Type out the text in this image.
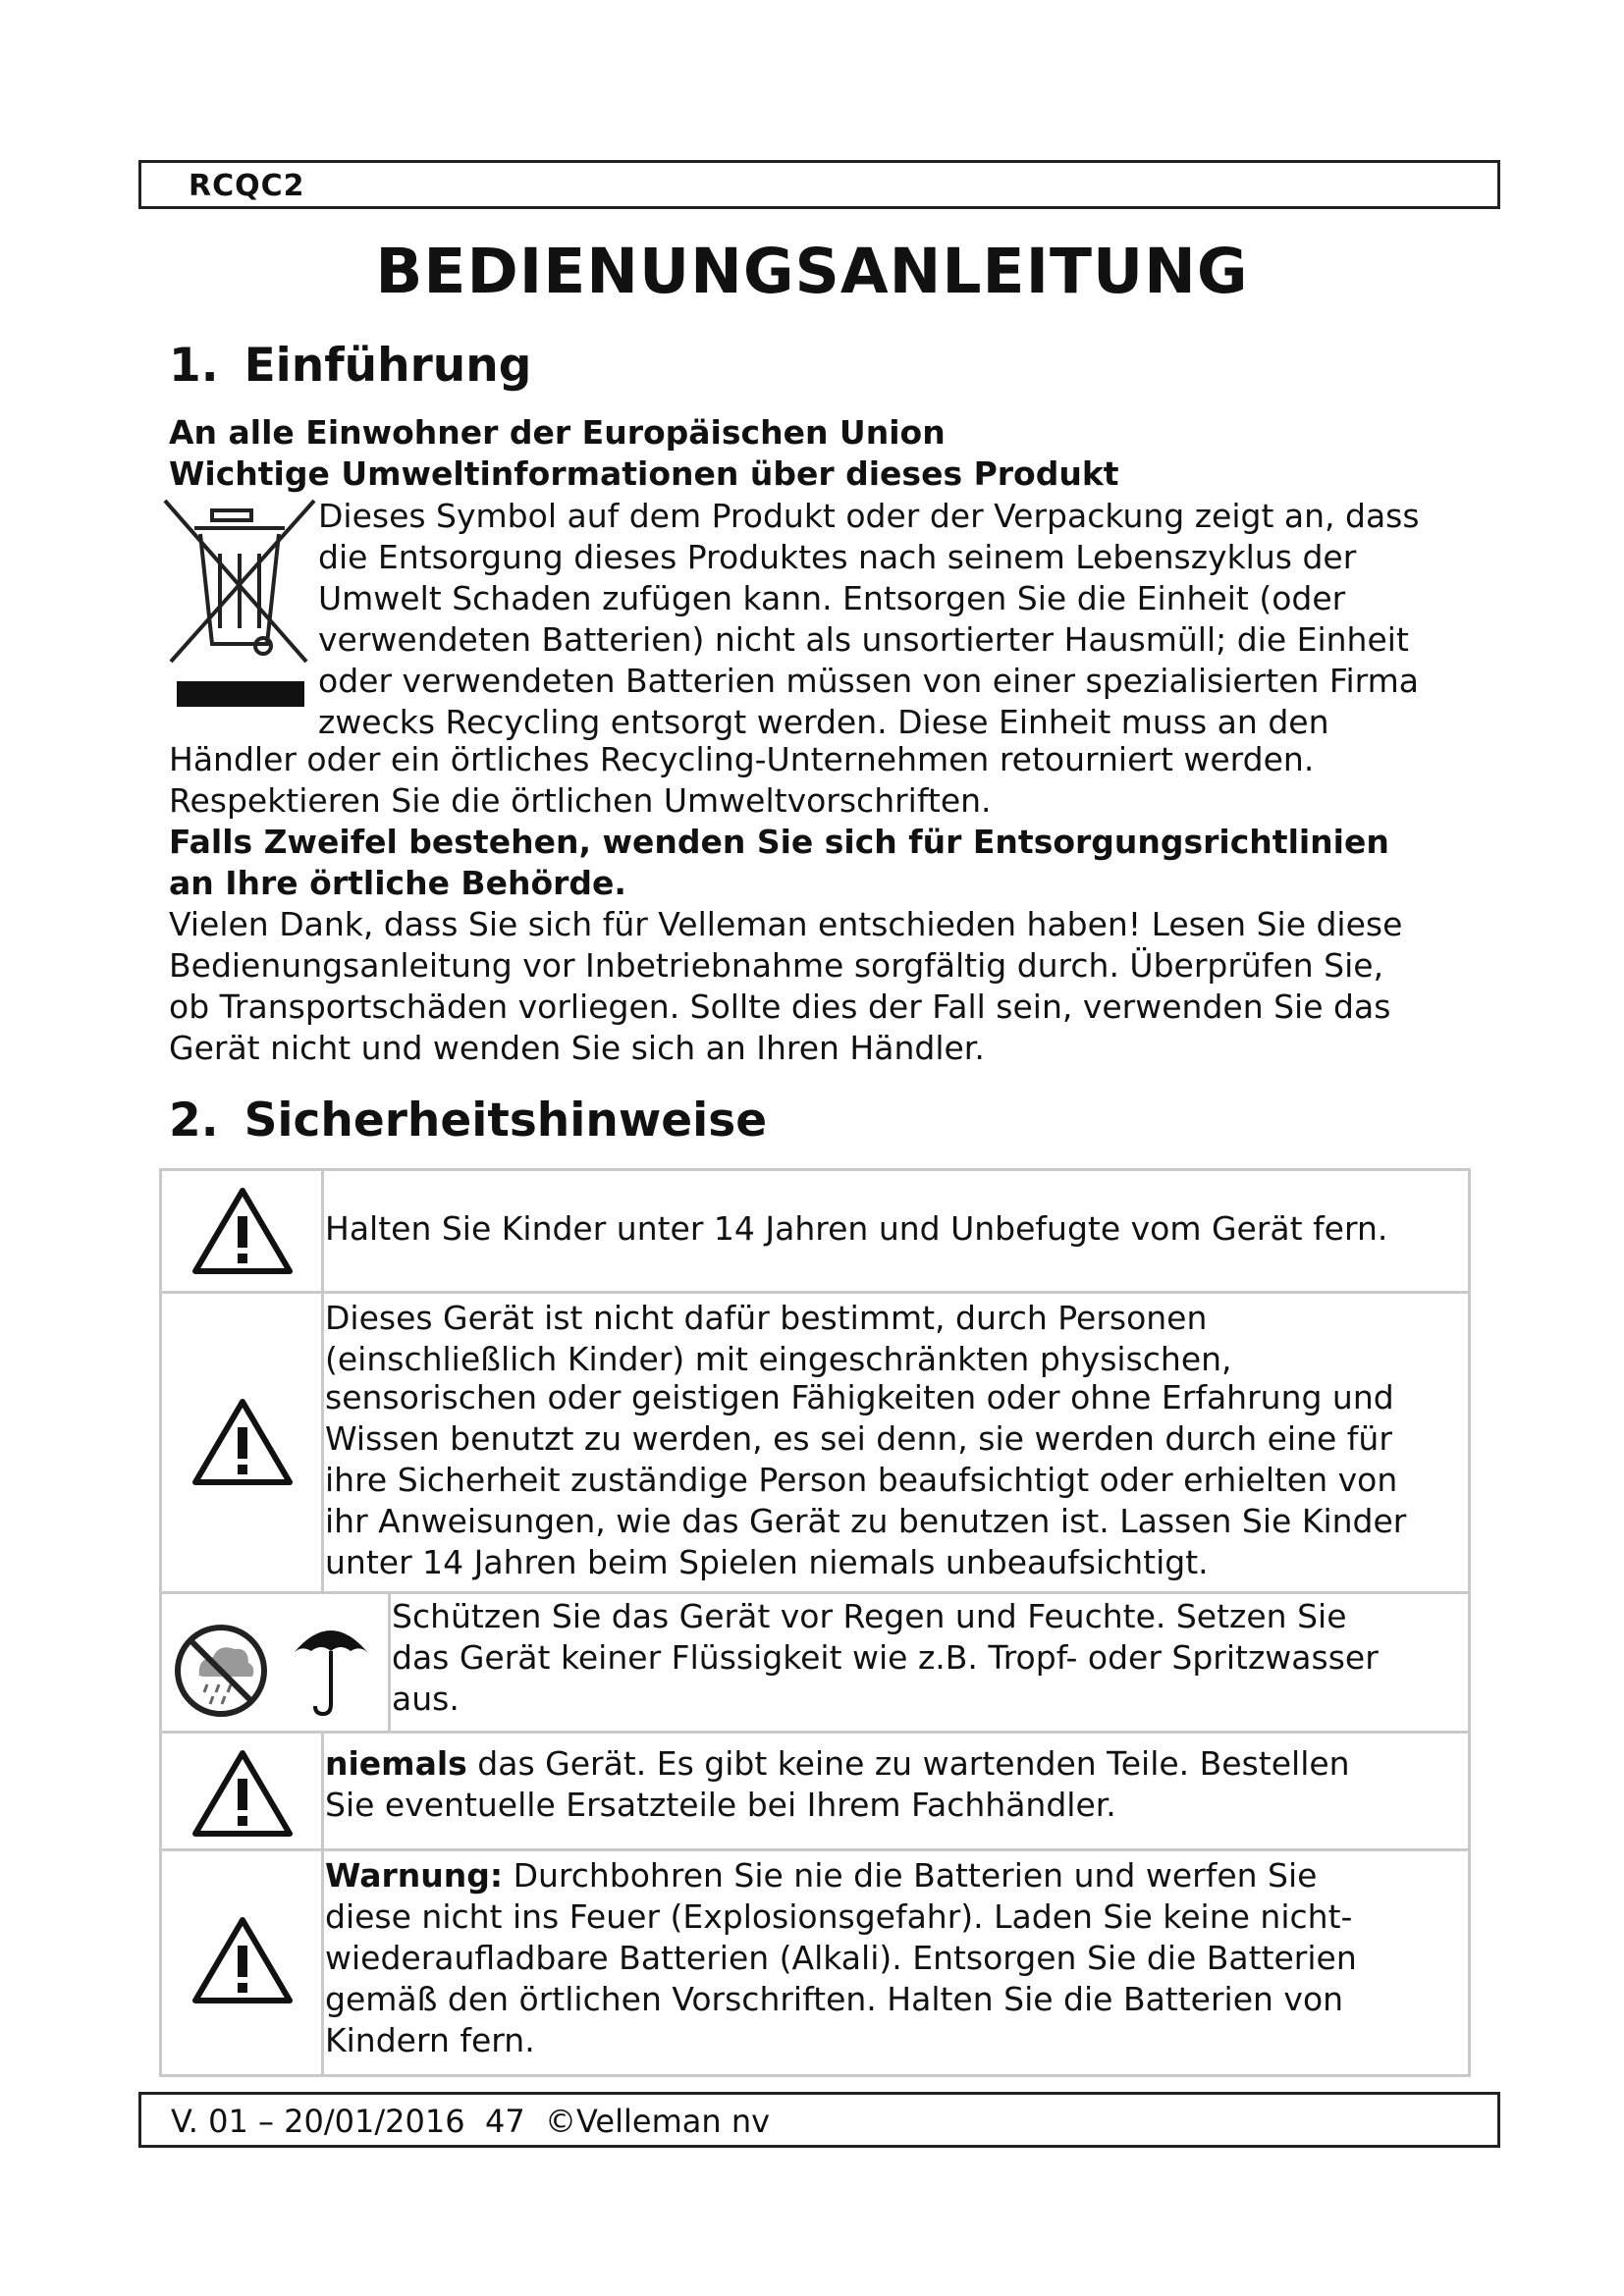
RCQC2
BEDIENUNGSANLEITUNG
1. Einführung
An alle Einwohner der Europäischen Union
Wichtige Umweltinformationen über dieses Produkt
Dieses Symbol auf dem Produkt oder der Verpackung zeigt an, dass
die Entsorgung dieses Produktes nach seinem Lebenszyklus der
Umwelt Schaden zufügen kann. Entsorgen Sie die Einheit (oder
verwendeten Batterien) nicht als unsortierter Hausmüll; die Einheit
oder verwendeten Batterien müssen von einer spezialisierten Firma
zwecks Recycling entsorgt werden. Diese Einheit muss an den
Händler oder ein örtliches Recycling-Unternehmen retourniert werden.
Respektieren Sie die örtlichen Umweltvorschriften.
Falls Zweifel bestehen, wenden Sie sich für Entsorgungsrichtlinien
an Ihre örtliche Behörde.
Vielen Dank, dass Sie sich für Velleman entschieden haben! Lesen Sie diese
Bedienungsanleitung vor Inbetriebnahme sorgfältig durch. Überprüfen Sie,
ob Transportschäden vorliegen. Sollte dies der Fall sein, verwenden Sie das
Gerät nicht und wenden Sie sich an Ihren Händler.
2. Sicherheitshinweise
Halten Sie Kinder unter 14 Jahren und Unbefugte vom Gerät fern.
Dieses Gerät ist nicht dafür bestimmt, durch Personen
(einschließlich Kinder) mit eingeschränkten physischen,
sensorischen oder geistigen Fähigkeiten oder ohne Erfahrung und
Wissen benutzt zu werden, es sei denn, sie werden durch eine für
ihre Sicherheit zuständige Person beaufsichtigt oder erhielten von
ihr Anweisungen, wie das Gerät zu benutzen ist. Lassen Sie Kinder
unter 14 Jahren beim Spielen niemals unbeaufsichtigt.
Schützen Sie das Gerät vor Regen und Feuchte. Setzen Sie
das Gerät keiner Flüssigkeit wie z.B. Tropf- oder Spritzwasser
aus.
niemals das Gerät. Es gibt keine zu wartenden Teile. Bestellen
Sie eventuelle Ersatzteile bei Ihrem Fachhändler.
Warnung: Durchbohren Sie nie die Batterien und werfen Sie
diese nicht ins Feuer (Explosionsgefahr). Laden Sie keine nicht-
wiederaufladbare Batterien (Alkali). Entsorgen Sie die Batterien
gemäß den örtlichen Vorschriften. Halten Sie die Batterien von
Kindern fern.
V. 01 – 20/01/2016 47 ©Velleman nv
